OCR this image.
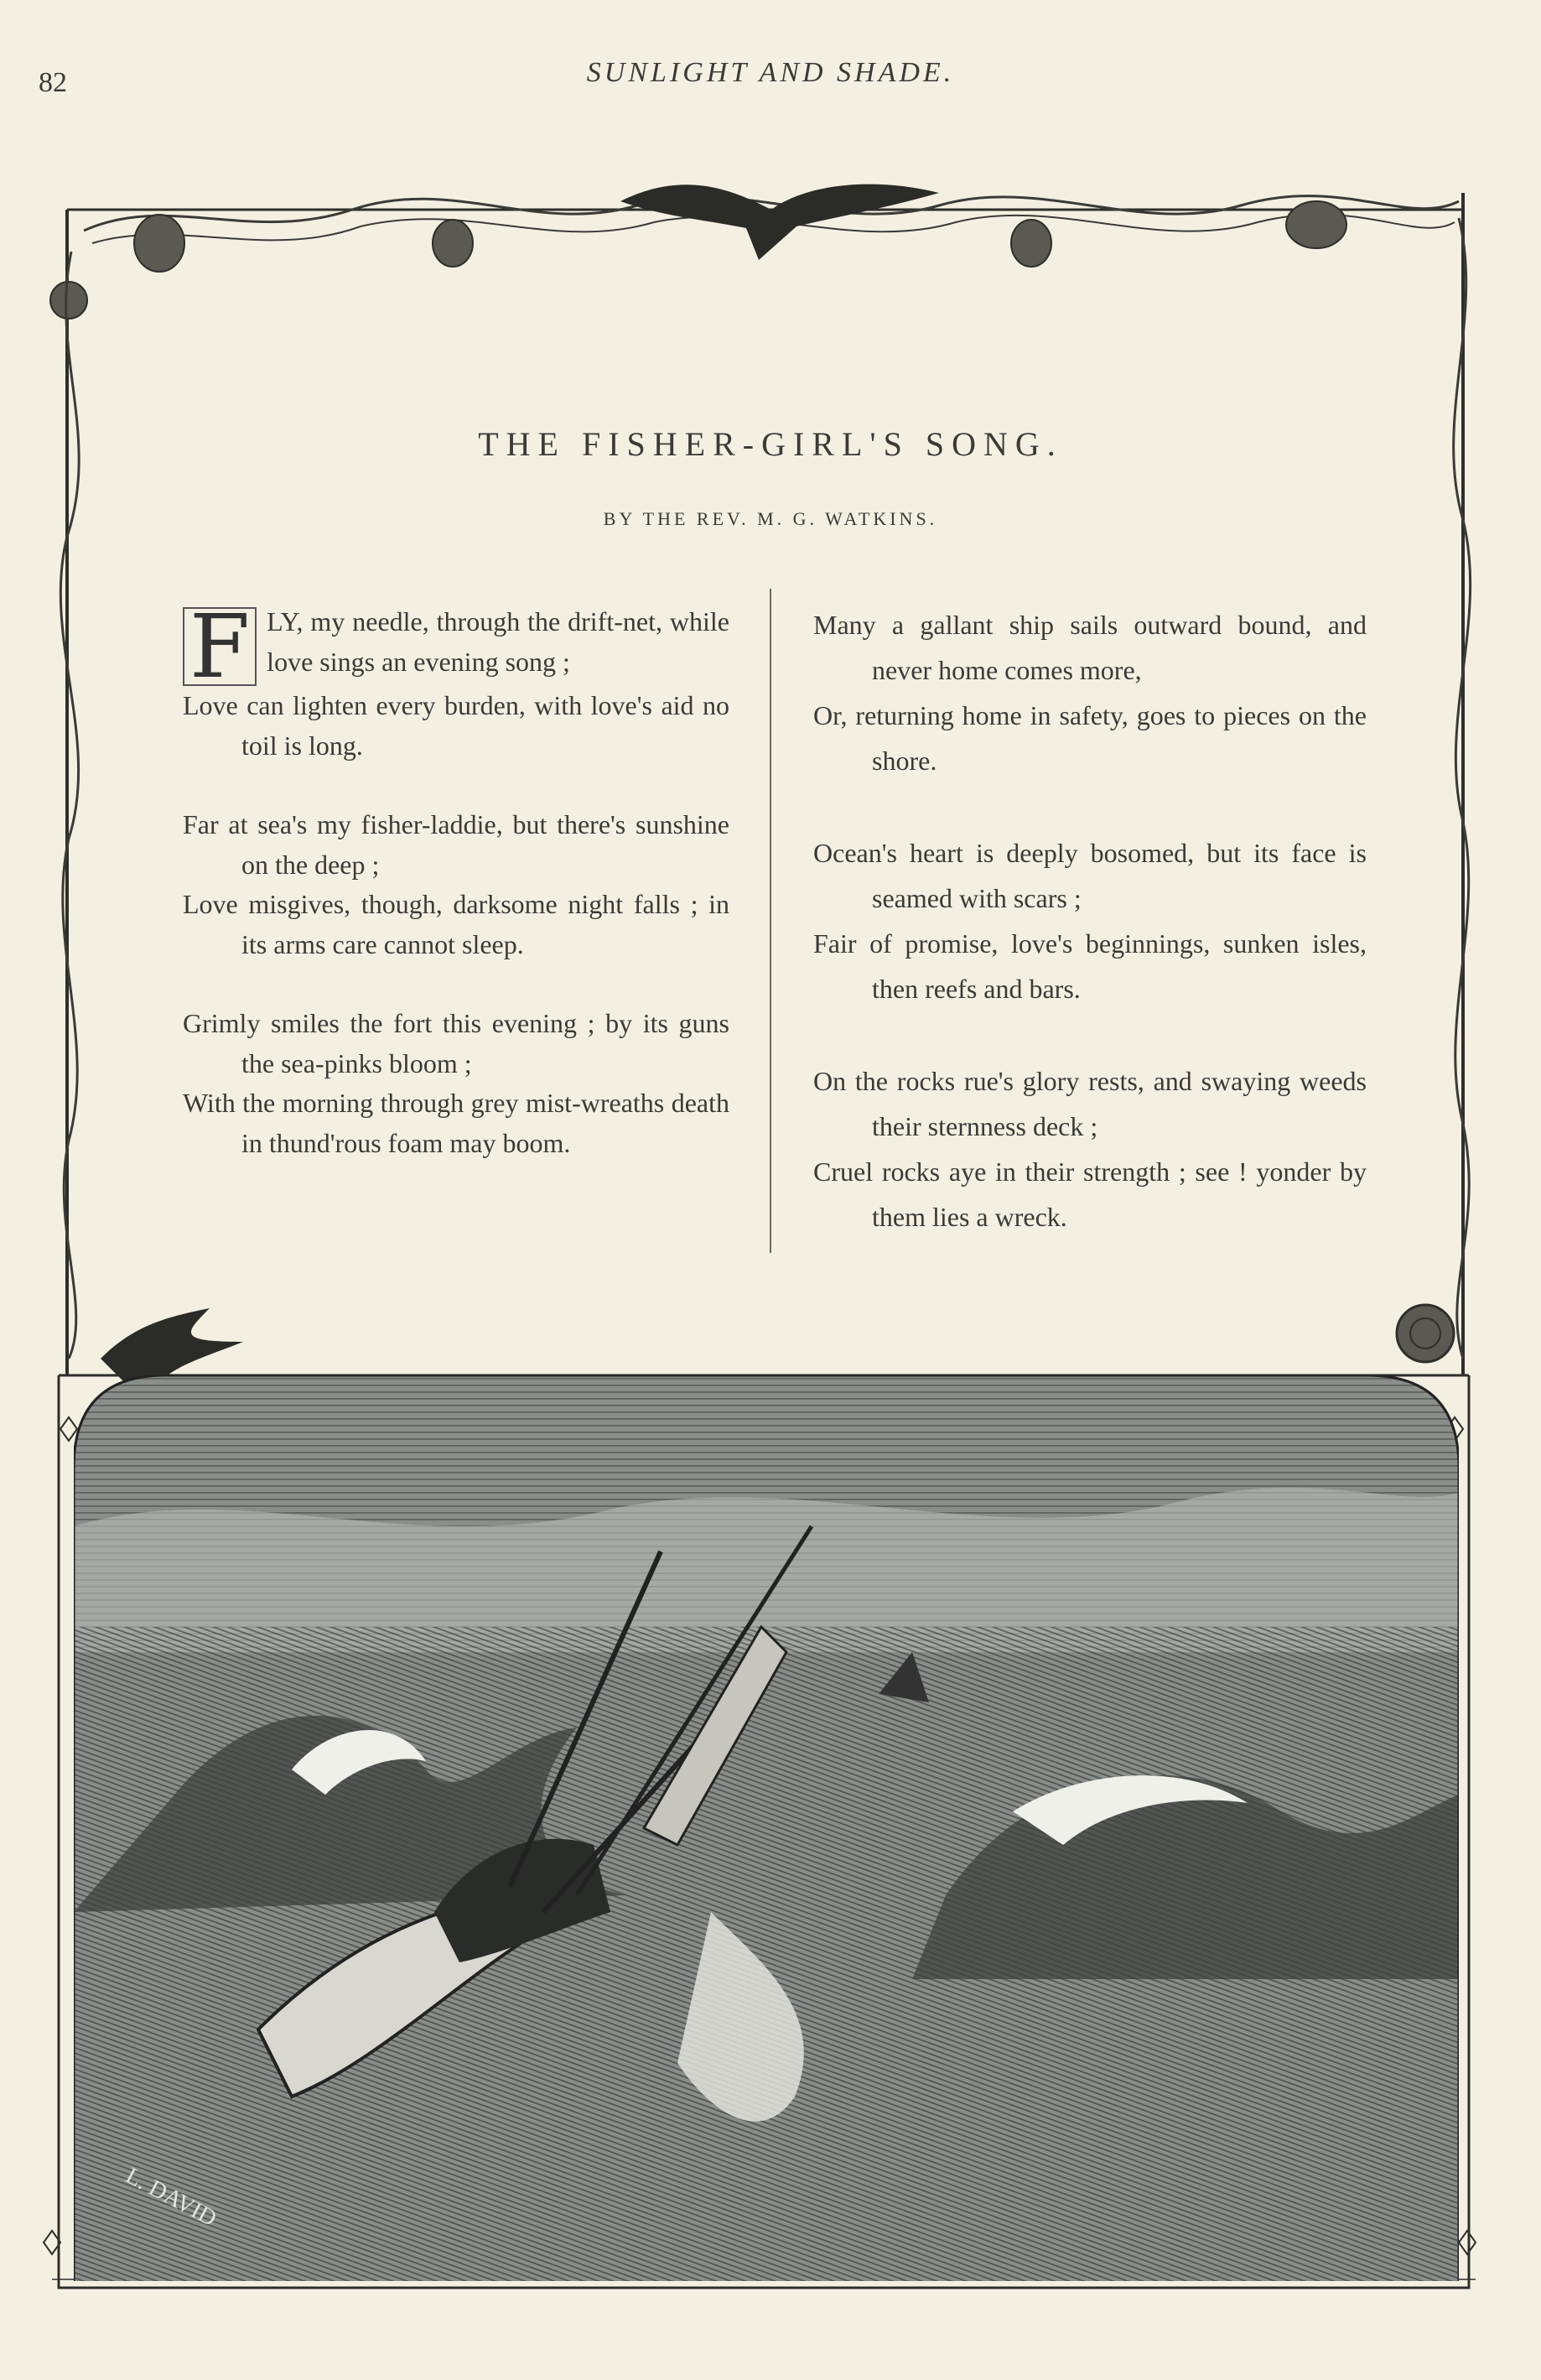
82	SUNLIGHT AND SHADE.
THE FISHER-GIRL'S SONG.
BY THE REV. M. G. WATKINS.
F LY, my needle, through the drift-net, while love sings an evening song ;
Love can lighten every burden, with love's aid no toil is long.
Far at sea's my fisher-laddie, but there's sunshine on the deep ;
Love misgives, though, darksome night falls ; in its arms care cannot sleep.
Grimly smiles the fort this evening ; by its guns the sea-pinks bloom ;
With the morning through grey mist-wreaths death in thund'rous foam may boom.
Many a gallant ship sails outward bound, and never home comes more,
Or, returning home in safety, goes to pieces on the shore.
Ocean's heart is deeply bosomed, but its face is seamed with scars ;
Fair of promise, love's beginnings, sunken isles, then reefs and bars.
On the rocks rue's glory rests, and swaying weeds their sternness deck ;
Cruel rocks aye in their strength ; see ! yonder by them lies a wreck.
L. DAVID
